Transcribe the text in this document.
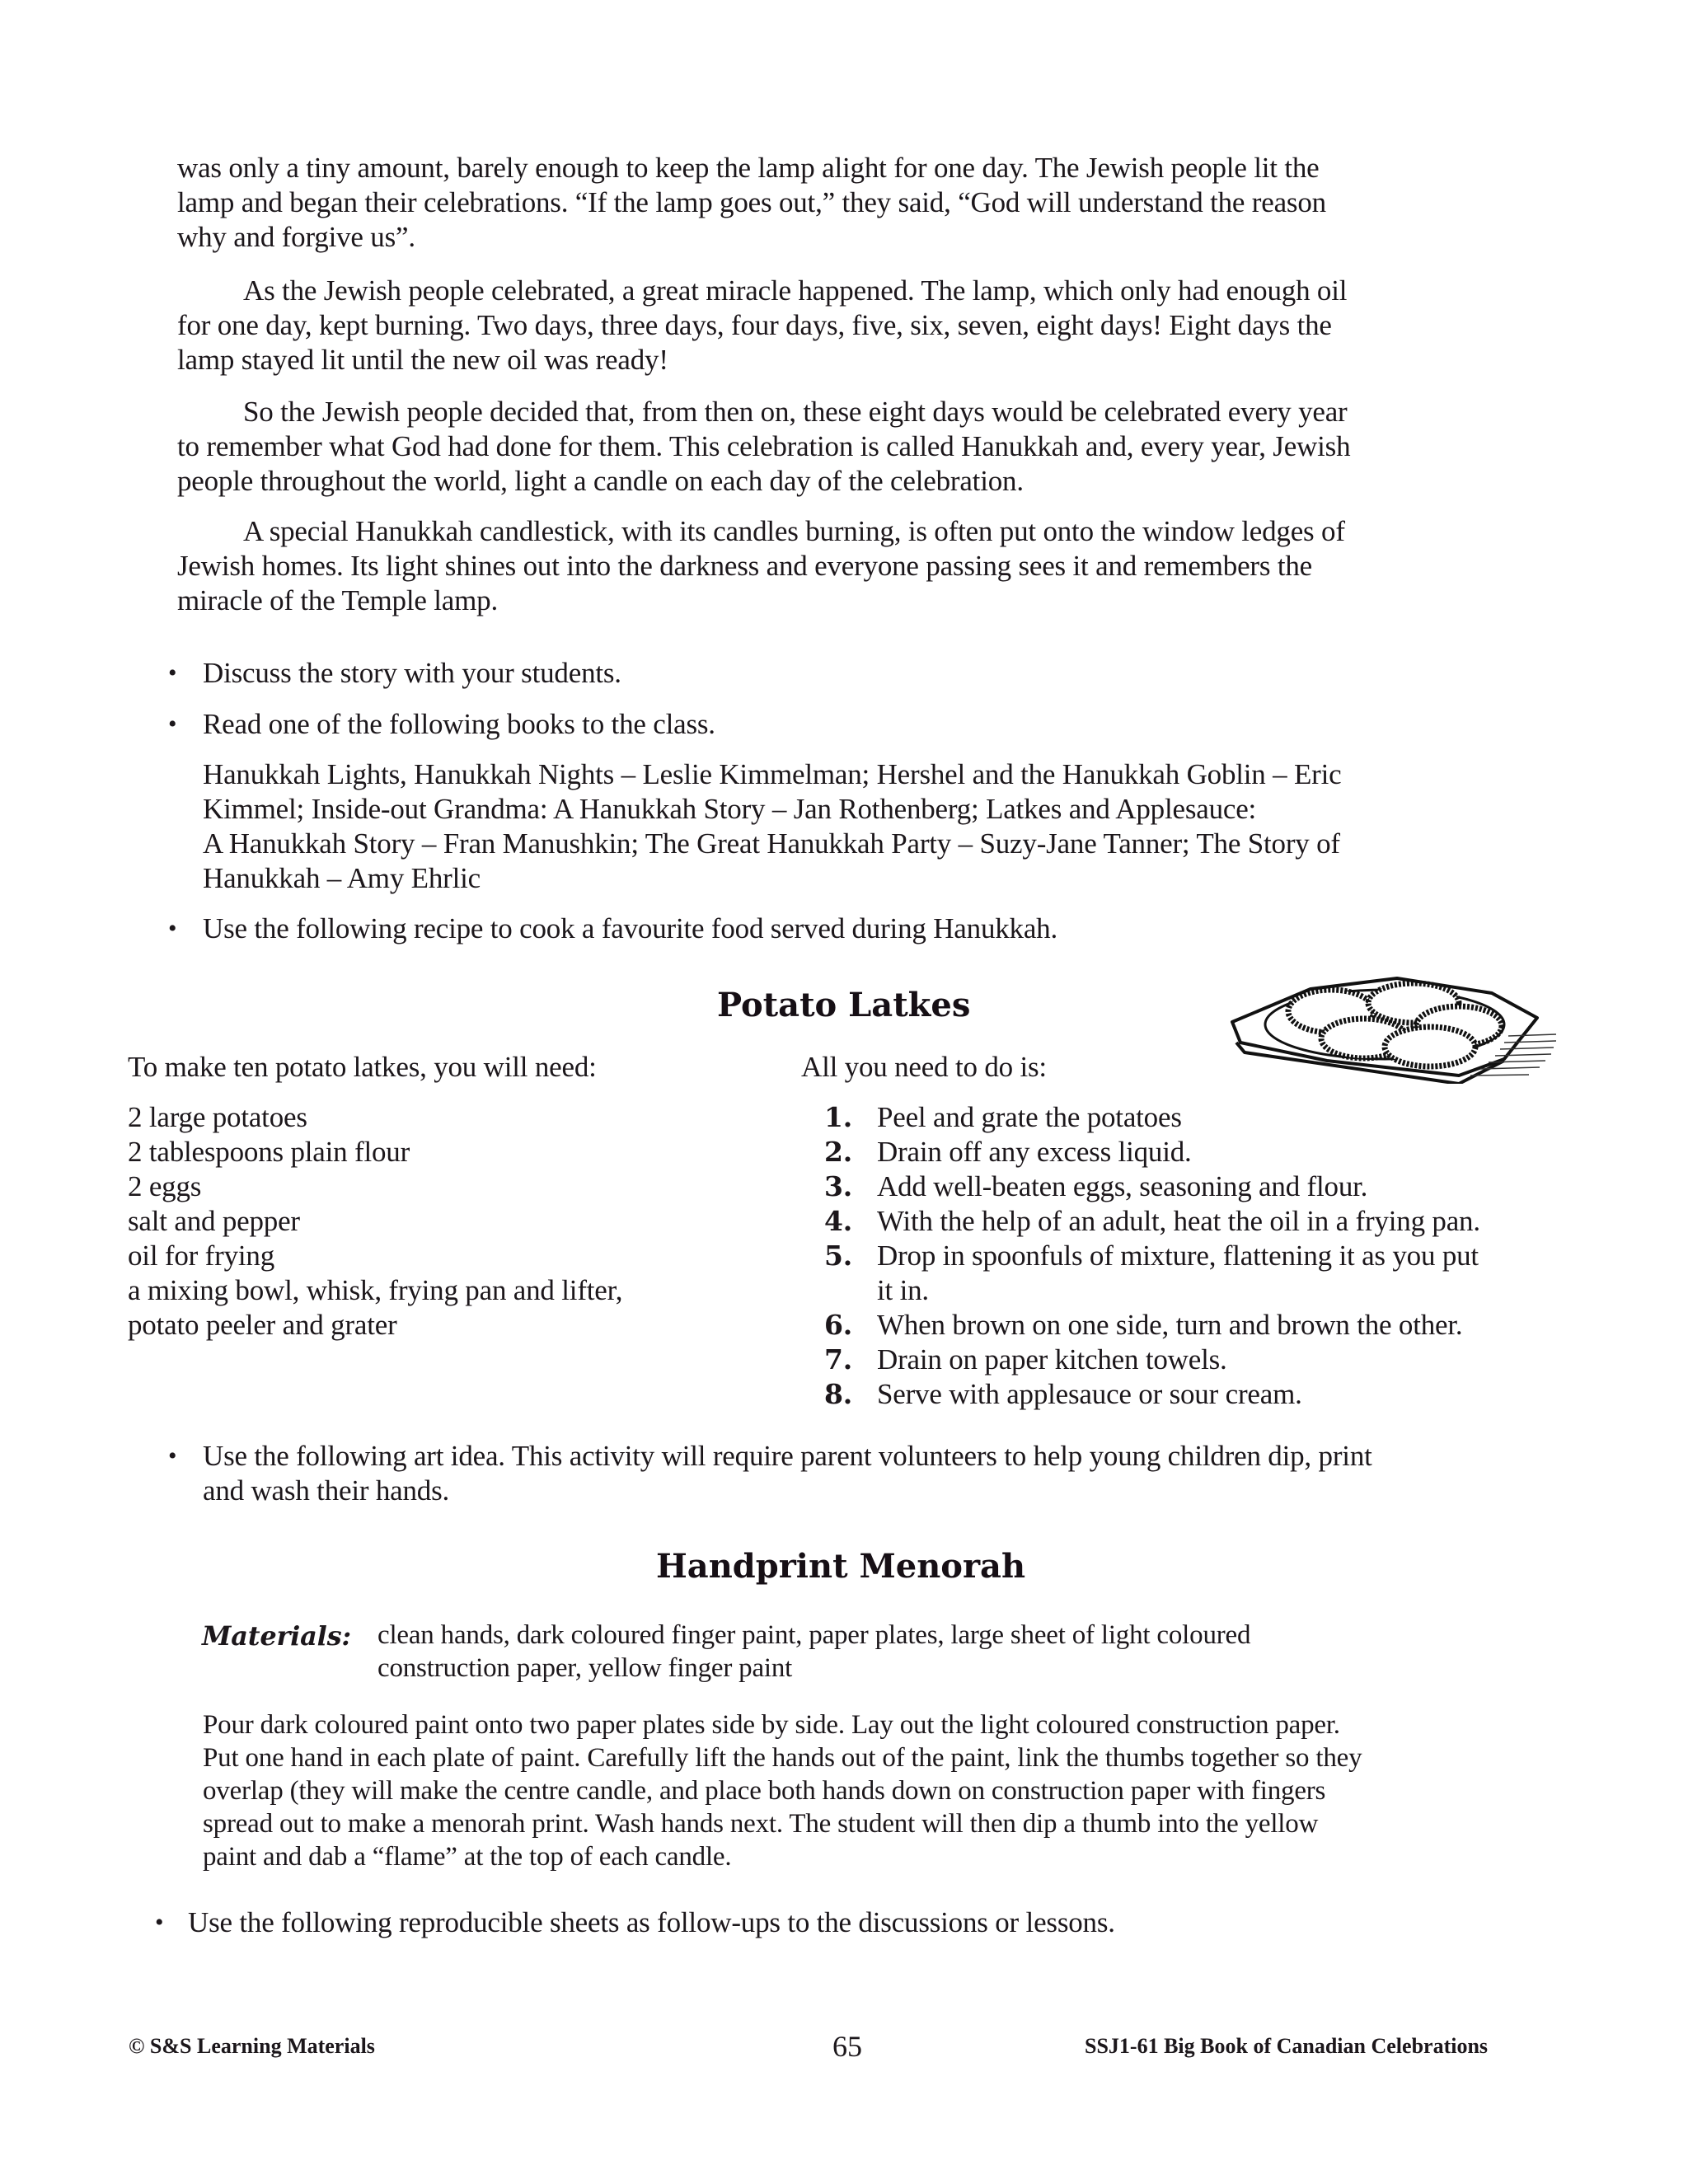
was only a tiny amount, barely enough to keep the lamp alight for one day. The Jewish people lit the
lamp and began their celebrations. “If the lamp goes out,” they said, “God will understand the reason
why and forgive us”.
As the Jewish people celebrated, a great miracle happened. The lamp, which only had enough oil
for one day, kept burning. Two days, three days, four days, five, six, seven, eight days! Eight days the
lamp stayed lit until the new oil was ready!
So the Jewish people decided that, from then on, these eight days would be celebrated every year
to remember what God had done for them. This celebration is called Hanukkah and, every year, Jewish
people throughout the world, light a candle on each day of the celebration.
A special Hanukkah candlestick, with its candles burning, is often put onto the window ledges of
Jewish homes. Its light shines out into the darkness and everyone passing sees it and remembers the
miracle of the Temple lamp.
• Discuss the story with your students.
• Read one of the following books to the class.
Hanukkah Lights, Hanukkah Nights – Leslie Kimmelman; Hershel and the Hanukkah Goblin – Eric
Kimmel; Inside-out Grandma: A Hanukkah Story – Jan Rothenberg; Latkes and Applesauce:
A Hanukkah Story – Fran Manushkin; The Great Hanukkah Party – Suzy-Jane Tanner; The Story of
Hanukkah – Amy Ehrlic
• Use the following recipe to cook a favourite food served during Hanukkah.
Potato Latkes
To make ten potato latkes, you will need:
2 large potatoes
2 tablespoons plain flour
2 eggs
salt and pepper
oil for frying
a mixing bowl, whisk, frying pan and lifter,
potato peeler and grater
All you need to do is:
1. Peel and grate the potatoes
2. Drain off any excess liquid.
3. Add well-beaten eggs, seasoning and flour.
4. With the help of an adult, heat the oil in a frying pan.
5. Drop in spoonfuls of mixture, flattening it as you put
it in.
6. When brown on one side, turn and brown the other.
7. Drain on paper kitchen towels.
8. Serve with applesauce or sour cream.
• Use the following art idea. This activity will require parent volunteers to help young children dip, print
and wash their hands.
Handprint Menorah
Materials: clean hands, dark coloured finger paint, paper plates, large sheet of light coloured
construction paper, yellow finger paint
Pour dark coloured paint onto two paper plates side by side. Lay out the light coloured construction paper.
Put one hand in each plate of paint. Carefully lift the hands out of the paint, link the thumbs together so they
overlap (they will make the centre candle, and place both hands down on construction paper with fingers
spread out to make a menorah print. Wash hands next. The student will then dip a thumb into the yellow
paint and dab a “flame” at the top of each candle.
• Use the following reproducible sheets as follow-ups to the discussions or lessons.
© S&S Learning Materials	65	SSJ1-61 Big Book of Canadian Celebrations
